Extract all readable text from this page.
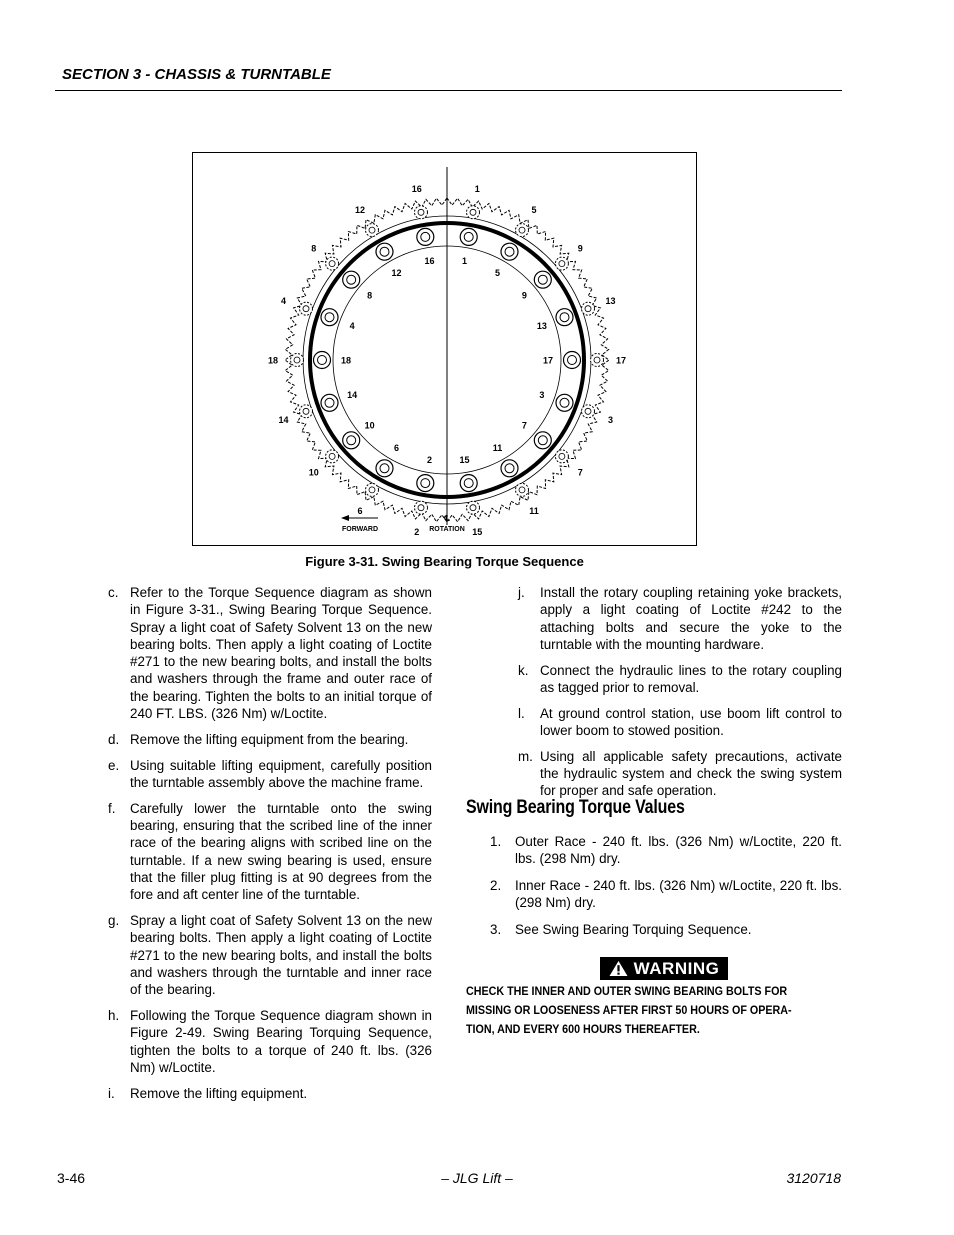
SECTION 3 - CHASSIS & TURNTABLE
1
1
5
5
9
9
13
13
17
17
3
3
7
7
11
11
15
15
2
2
6
6
10
10
14
14
18	18
4
4
8
8
12
12
16
16
FORWARD
℄
ROTATION
Figure 3-31. Swing Bearing Torque Sequence
c. Refer to the Torque Sequence diagram as shown in Figure 3-31., Swing Bearing Torque Sequence. Spray a light coat of Safety Solvent 13 on the new bearing bolts. Then apply a light coating of Loctite #271 to the new bearing bolts, and install the bolts and washers through the frame and outer race of the bearing. Tighten the bolts to an initial torque of 240 FT. LBS. (326 Nm) w/Loctite.
d. Remove the lifting equipment from the bearing.
e. Using suitable lifting equipment, carefully position the turntable assembly above the machine frame.
f.	Carefully lower the turntable onto the swing bearing, ensuring that the scribed line of the inner race of the bearing aligns with scribed line on the turntable. If a new swing bearing is used, ensure that the filler plug fitting is at 90 degrees from the fore and aft center line of the turntable.
g. Spray a light coat of Safety Solvent 13 on the new bearing bolts. Then apply a light coating of Loctite #271 to the new bearing bolts, and install the bolts and washers through the turntable and inner race of the bearing.
h. Following the Torque Sequence diagram shown in Figure 2-49. Swing Bearing Torquing Sequence, tighten the bolts to a torque of 240 ft. lbs. (326 Nm) w/Loctite.
i.	Remove the lifting equipment.
j.	Install the rotary coupling retaining yoke brackets, apply a light coating of Loctite #242 to the attaching bolts and secure the yoke to the turntable with the mounting hardware.
k. Connect the hydraulic lines to the rotary coupling as tagged prior to removal.
l.	At ground control station, use boom lift control to lower boom to stowed position.
m. Using all applicable safety precautions, activate the hydraulic system and check the swing system for proper and safe operation.
Swing Bearing Torque Values
1.	Outer Race - 240 ft. lbs. (326 Nm) w/Loctite, 220 ft. lbs. (298 Nm) dry.
2.	Inner Race - 240 ft. lbs. (326 Nm) w/Loctite, 220 ft. lbs. (298 Nm) dry.
3.	See Swing Bearing Torquing Sequence.
WARNING
CHECK THE INNER AND OUTER SWING BEARING BOLTS FOR
MISSING OR LOOSENESS AFTER FIRST 50 HOURS OF OPERA-
TION, AND EVERY 600 HOURS THEREAFTER.
3-46	– JLG Lift –	3120718
